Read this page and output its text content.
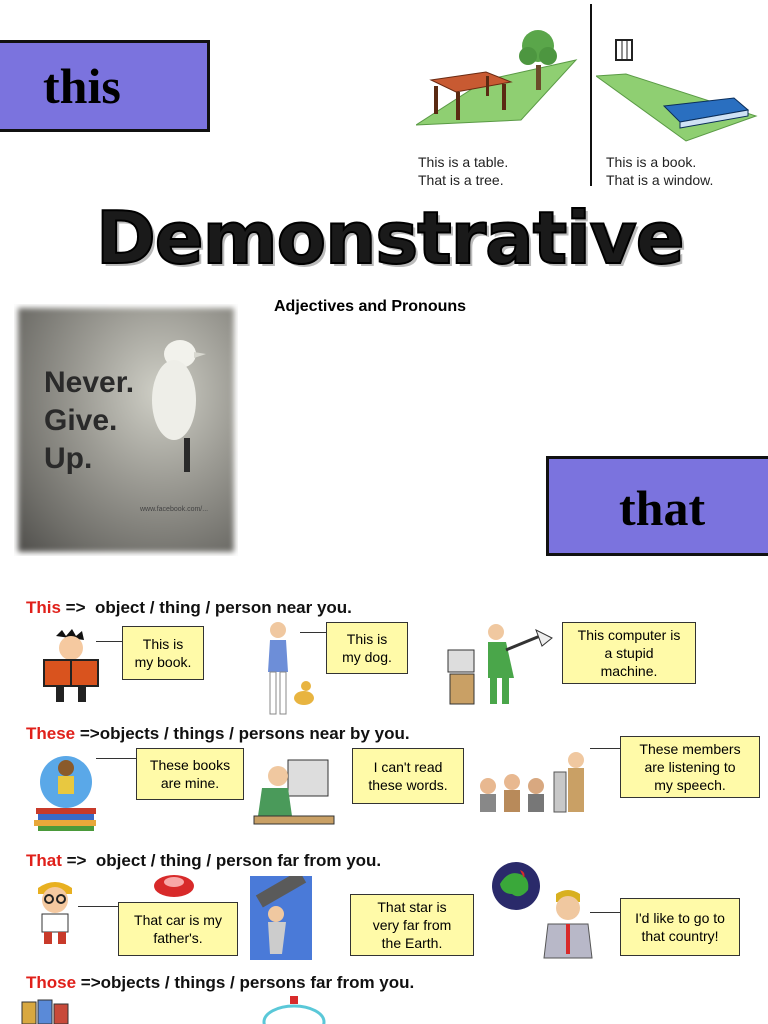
this
This is a table.
That is a tree.
This is a book.
That is a window.
Demonstrative
Adjectives and Pronouns
Never.
Give.
Up.
www.facebook.com/...	that
This =>  object / thing / person near you.
This is
my book.
This is
my dog.
This computer is
a stupid
machine.
These =>objects / things / persons near by you.
These books
are mine.
I can't read
these words.
These members
are listening to
my speech.
That =>  object / thing / person far from you.
That car is my
father's.
That star is
very far from
the Earth.
I'd like to go to
that country!
Those =>objects / things / persons far from you.
